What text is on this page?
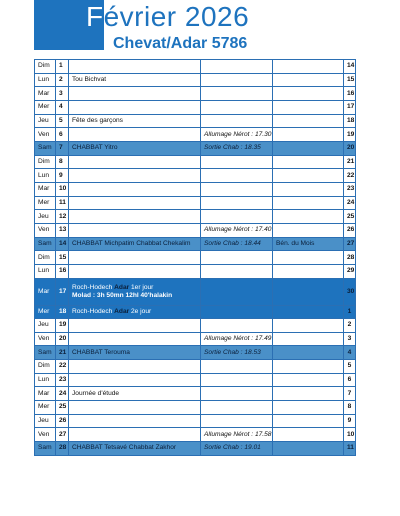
Février 2026
Chevat/Adar 5786
Dim	1				14
Lun	2	Tou Bichvat			15
Mar	3				16
Mer	4				17
Jeu	5	Fête des garçons			18
Ven	6		Allumage Nérot : 17.30		19
Sam	7	CHABBAT Yitro	Sortie Chab : 18.35		20
Dim	8				21
Lun	9				22
Mar	10				23
Mer	11				24
Jeu	12				25
Ven	13		Allumage Nérot : 17.40		26
Sam	14	CHABBAT Michpatim Chabbat Chekalim	Sortie Chab : 18.44	Bén. du Mois	27
Dim	15				28
Lun	16				29
Mar	17	Roch-Hodech Adar 1er jour
Molad : 3h 50mn 12hl 40'halakin			30
Mer	18	Roch-Hodech Adar 2e jour			1
Jeu	19				2
Ven	20		Allumage Nérot : 17.49		3
Sam	21	CHABBAT Terouma	Sortie Chab : 18.53		4
Dim	22				5
Lun	23				6
Mar	24	Journée d'étude			7
Mer	25				8
Jeu	26				9
Ven	27		Allumage Nérot : 17.58		10
Sam	28	CHABBAT Tetsavé Chabbat Zakhor	Sortie Chab : 19.01		11
